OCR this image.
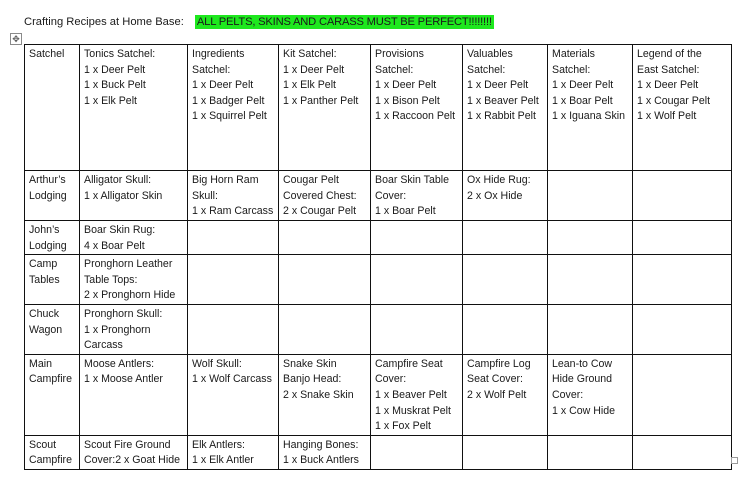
Crafting Recipes at Home Base: ALL PELTS, SKINS AND CARASS MUST BE PERFECT!!!!!!!!
✥
Satchel	Tonics Satchel:
1 x Deer Pelt
1 x Buck Pelt
1 x Elk Pelt	Ingredients
Satchel:
1 x Deer Pelt
1 x Badger Pelt
1 x Squirrel Pelt	Kit Satchel:
1 x Deer Pelt
1 x Elk Pelt
1 x Panther Pelt	Provisions
Satchel:
1 x Deer Pelt
1 x Bison Pelt
1 x Raccoon Pelt	Valuables
Satchel:
1 x Deer Pelt
1 x Beaver Pelt
1 x Rabbit Pelt	Materials
Satchel:
1 x Deer Pelt
1 x Boar Pelt
1 x Iguana Skin	Legend of the
East Satchel:
1 x Deer Pelt
1 x Cougar Pelt
1 x Wolf Pelt

Arthur’s
Lodging	Alligator Skull:
1 x Alligator Skin	Big Horn Ram
Skull:
1 x Ram Carcass	Cougar Pelt
Covered Chest:
2 x Cougar Pelt	Boar Skin Table
Cover:
1 x Boar Pelt	Ox Hide Rug:
2 x Ox Hide		

John’s
Lodging	Boar Skin Rug:
4 x Boar Pelt						

Camp
Tables	Pronghorn Leather
Table Tops:
2 x Pronghorn Hide						

Chuck
Wagon	Pronghorn Skull:
1 x Pronghorn
Carcass						

Main
Campfire	Moose Antlers:
1 x Moose Antler	Wolf Skull:
1 x Wolf Carcass	Snake Skin
Banjo Head:
2 x Snake Skin	Campfire Seat
Cover:
1 x Beaver Pelt
1 x Muskrat Pelt
1 x Fox Pelt	Campfire Log
Seat Cover:
2 x Wolf Pelt	Lean-to Cow
Hide Ground
Cover:
1 x Cow Hide	

Scout
Campfire	Scout Fire Ground
Cover:2 x Goat Hide	Elk Antlers:
1 x Elk Antler	Hanging Bones:
1 x Buck Antlers				
